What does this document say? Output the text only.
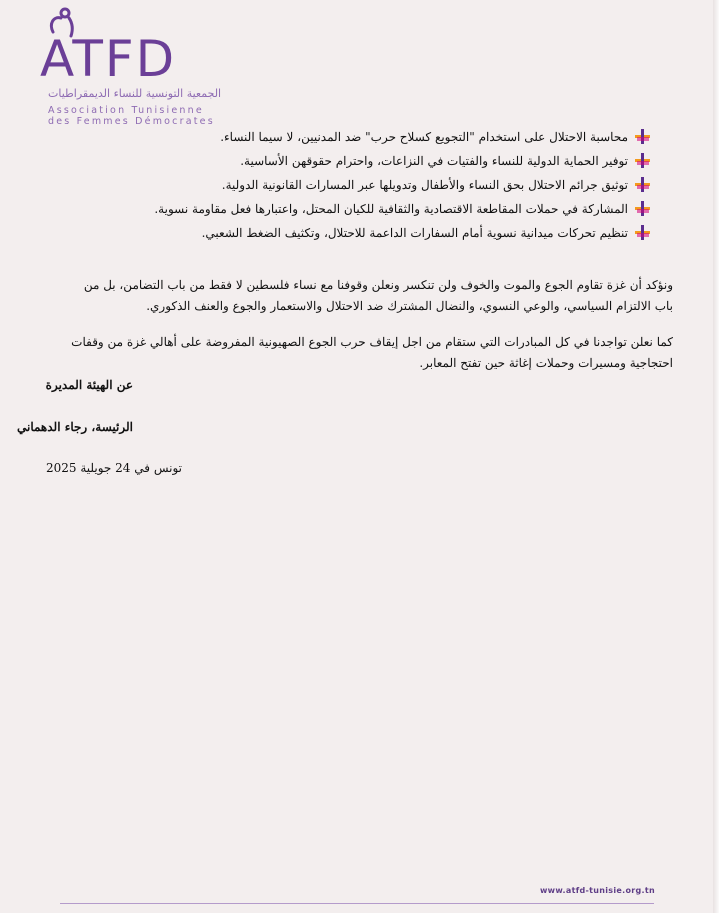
ATFD
الجمعية التونسية للنساء الديمقراطيات
Association Tunisienne
des Femmes Démocrates
محاسبة الاحتلال على استخدام "التجويع كسلاح حرب" ضد المدنيين، لا سيما النساء.
توفير الحماية الدولية للنساء والفتيات في النزاعات، واحترام حقوقهن الأساسية.
توثيق جرائم الاحتلال بحق النساء والأطفال وتدويلها عبر المسارات القانونية الدولية.
المشاركة في حملات المقاطعة الاقتصادية والثقافية للكيان المحتل، واعتبارها فعل مقاومة نسوية.
تنظيم تحركات ميدانية نسوية أمام السفارات الداعمة للاحتلال، وتكثيف الضغط الشعبي.

ونؤكد أن غزة تقاوم الجوع والموت والخوف ولن تنكسر ونعلن وقوفنا مع نساء فلسطين لا فقط من باب التضامن، بل من باب الالتزام السياسي، والوعي النسوي، والنضال المشترك ضد الاحتلال والاستعمار والجوع والعنف الذكوري.

كما نعلن تواجدنا في كل المبادرات التي ستقام من اجل إيقاف حرب الجوع الصهيونية المفروضة على أهالي غزة من وقفات احتجاجية ومسيرات وحملات إغاثة حين تفتح المعابر.

عن الهيئة المديرة
الرئيسة، رجاء الدهماني
تونس في 24 جويلية 2025
www.atfd-tunisie.org.tn
